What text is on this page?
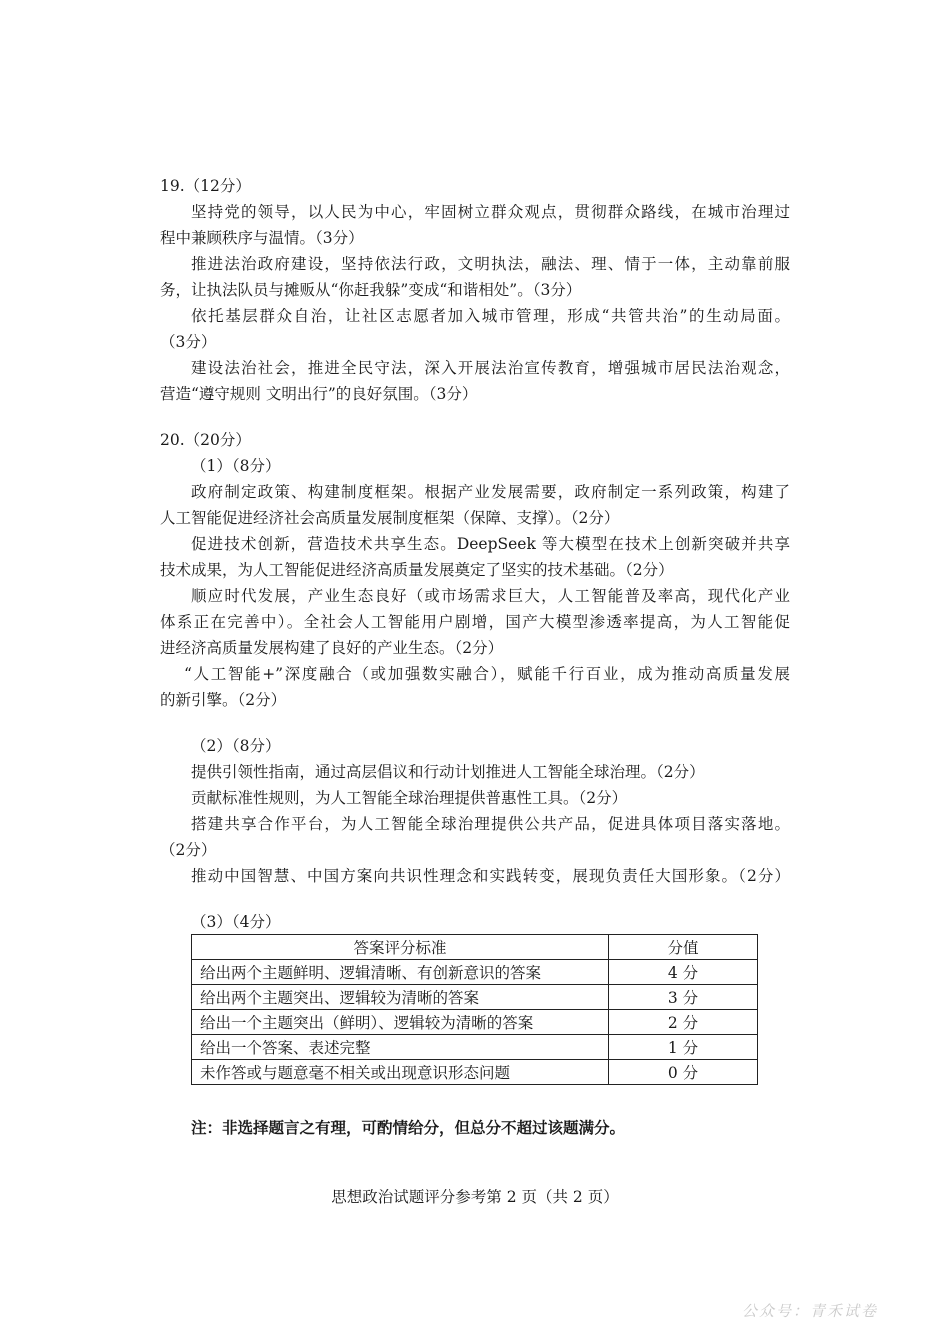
19.（12分）
坚持党的领导，以人民为中心，牢固树立群众观点，贯彻群众路线，在城市治理过
程中兼顾秩序与温情。（3分）
推进法治政府建设，坚持依法行政，文明执法，融法、理、情于一体，主动靠前服
务，让执法队员与摊贩从“你赶我躲”变成“和谐相处”。（3分）
依托基层群众自治，让社区志愿者加入城市管理，形成“共管共治”的生动局面。
（3分）
建设法治社会，推进全民守法，深入开展法治宣传教育，增强城市居民法治观念，
营造“遵守规则 文明出行”的良好氛围。（3分）
20.（20分）
（1）（8分）
政府制定政策、构建制度框架。根据产业发展需要，政府制定一系列政策，构建了
人工智能促进经济社会高质量发展制度框架（保障、支撑）。（2分）
促进技术创新，营造技术共享生态。DeepSeek 等大模型在技术上创新突破并共享
技术成果，为人工智能促进经济高质量发展奠定了坚实的技术基础。（2分）
顺应时代发展，产业生态良好（或市场需求巨大，人工智能普及率高，现代化产业
体系正在完善中）。全社会人工智能用户剧增，国产大模型渗透率提高，为人工智能促
进经济高质量发展构建了良好的产业生态。（2分）
“人工智能+”深度融合（或加强数实融合），赋能千行百业，成为推动高质量发展
的新引擎。（2分）
（2）（8分）
提供引领性指南，通过高层倡议和行动计划推进人工智能全球治理。（2分）
贡献标准性规则，为人工智能全球治理提供普惠性工具。（2分）
搭建共享合作平台，为人工智能全球治理提供公共产品，促进具体项目落实落地。
（2分）
推动中国智慧、中国方案向共识性理念和实践转变，展现负责任大国形象。（2分）
（3）（4分）
答案评分标准	分值
给出两个主题鲜明、逻辑清晰、有创新意识的答案	4 分
给出两个主题突出、逻辑较为清晰的答案	3 分
给出一个主题突出（鲜明）、逻辑较为清晰的答案	2 分
给出一个答案、表述完整	1 分
未作答或与题意毫不相关或出现意识形态问题	0 分
注：非选择题言之有理，可酌情给分，但总分不超过该题满分。
思想政治试题评分参考第 2 页（共 2 页）
公众号：青禾试卷
